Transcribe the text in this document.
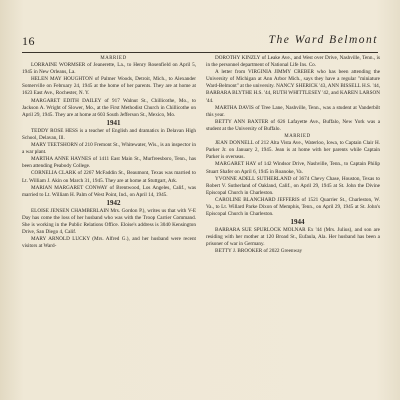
16	The Ward Belmont

MARRIED

LORRAINE WORMSER of Jeanerette, La., to Henry Rosenfield on April 5, 1945 in New Orleans, La.

HELEN MAY HOUGHTON of Palmer Woods, Detroit, Mich., to Alexander Somerville on February 24, 1945 at the home of her parents. They are at home at 1623 East Ave., Rochester, N. Y.

MARGARET EDITH DAILEY of 917 Walnut St., Chillicothe, Mo., to Jackson A. Wright of Slower, Mo., at the First Methodist Church in Chillicothe on April 29, 1945. They are at home at 603 South Jefferson St., Mexico, Mo.

1941

TEDDY ROSE HESS is a teacher of English and dramatics in Delavan High School, Delavan, Ill.

MARY TEETSHORN of 210 Fremont St., Whitewater, Wis., is an inspector in a war plant.

MARTHA ANNE HAYNES of 1411 East Main St., Murfreesboro, Tenn., has been attending Peabody College.

CORNELIA CLARK of 2267 McFaddin St., Beaumont, Texas was married to Lt. William J. Akin on March 31, 1945. They are at home at Stuttgart, Ark.

MARIAN MARGARET CONWAY of Brentwood, Los Angeles, Calif., was married to Lt. William H. Palm of West Point, Ind., on April 14, 1945.

1942

ELOISE JENSEN CHAMBERLAIN Mrs. Gordon P.), writes us that with V-E Day has come the loss of her husband who was with the Troop Carrier Command. She is working in the Public Relations Office. Eloise's address is 3040 Kensington Drive, San Diego 4, Calif.

MARY ARNOLD LUCKY (Mrs. Alfred G.), and her husband were recent visitors at Ward-

DOROTHY KINZLY of Leake Ave., and West over Drive, Nashville, Tenn., is in the personnel department of National Life Ins. Co.

A letter from VIRGINIA JIMMY CREBER who has been attending the University of Michigan at Ann Arbor Mich., says they have a regular "miniature Ward-Belmont" at the university. NANCY SHERICK '43, ANN BISSELL H.S. '44, BARBARA BLYTHE H.S. '44, RUTH WHITTLESEY '42, and KAREN LARSON '44.

MARTHA DAVIS of Tree Lane, Nashville, Tenn., was a student at Vanderbilt this year.

BETTY ANN BAXTER of 626 Lafayette Ave., Buffalo, New York was a student at the University of Buffalo.

MARRIED

JEAN DONNELL of 212 Alta Vista Ave., Waterloo, Iowa, to Captain Clair H. Parker Jr. on January 2, 1945. Jean is at home with her parents while Captain Parker is overseas.

MARGARET HAY of 142 Windsor Drive, Nashville, Tenn., to Captain Philip Stuart Shafer on April 6, 1945 in Roanoke, Va.

YVONNE ADELL SUTHERLAND of 3674 Chevy Chase, Houston, Texas to Robert V. Sutherland of Oakland, Calif., on April 29, 1945 at St. John the Divine Episcopal Church in Charleston.

CAROLINE BLANCHARD JEFFERIS of 1521 Quarrier St., Charleston, W. Va., to Lt. Willard Parke Dixon of Memphis, Tenn., on April 29, 1945 at St. John's Episcopal Church in Charleston.

1944

BARBARA SUE SPURLOCK MOLNAR Ex '44 (Mrs. Julius), and son are residing with her mother at 120 Broad St., Eufaula, Ala. Her husband has been a prisoner of war in Germany.

BETTY J. BROOKER of 2022 Greenway
